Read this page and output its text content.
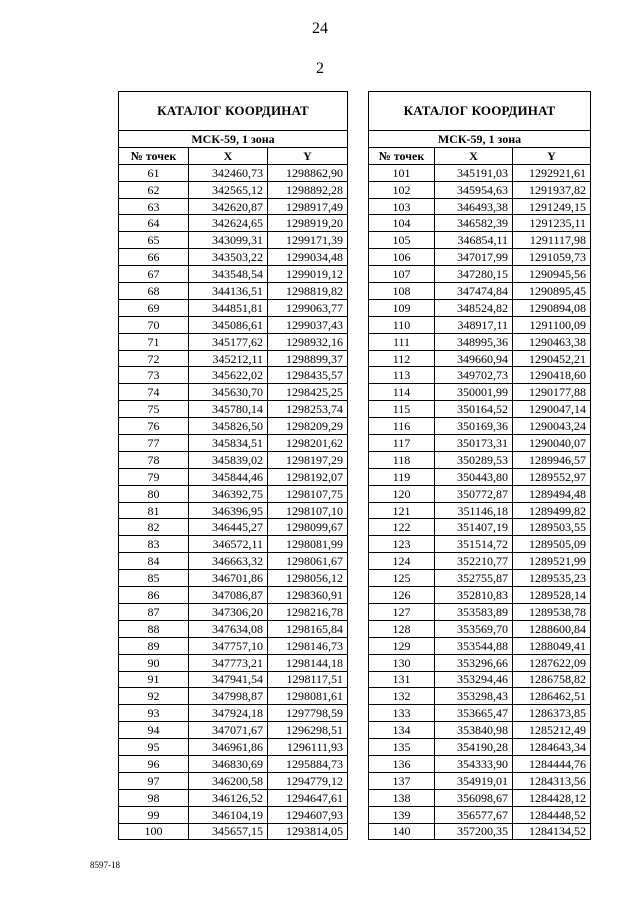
24
2
КАТАЛОГ КООРДИНАТ		
МСК-59, 1 зона		
№ точек	X	Y
61	342460,73	1298862,90
62	342565,12	1298892,28
63	342620,87	1298917,49
64	342624,65	1298919,20
65	343099,31	1299171,39
66	343503,22	1299034,48
67	343548,54	1299019,12
68	344136,51	1298819,82
69	344851,81	1299063,77
70	345086,61	1299037,43
71	345177,62	1298932,16
72	345212,11	1298899,37
73	345622,02	1298435,57
74	345630,70	1298425,25
75	345780,14	1298253,74
76	345826,50	1298209,29
77	345834,51	1298201,62
78	345839,02	1298197,29
79	345844,46	1298192,07
80	346392,75	1298107,75
81	346396,95	1298107,10
82	346445,27	1298099,67
83	346572,11	1298081,99
84	346663,32	1298061,67
85	346701,86	1298056,12
86	347086,87	1298360,91
87	347306,20	1298216,78
88	347634,08	1298165,84
89	347757,10	1298146,73
90	347773,21	1298144,18
91	347941,54	1298117,51
92	347998,87	1298081,61
93	347924,18	1297798,59
94	347071,67	1296298,51
95	346961,86	1296111,93
96	346830,69	1295884,73
97	346200,58	1294779,12
98	346126,52	1294647,61
99	346104,19	1294607,93
100	345657,15	1293814,05
КАТАЛОГ КООРДИНАТ		
МСК-59, 1 зона		
№ точек	X	Y
101	345191,03	1292921,61
102	345954,63	1291937,82
103	346493,38	1291249,15
104	346582,39	1291235,11
105	346854,11	1291117,98
106	347017,99	1291059,73
107	347280,15	1290945,56
108	347474,84	1290895,45
109	348524,82	1290894,08
110	348917,11	1291100,09
111	348995,36	1290463,38
112	349660,94	1290452,21
113	349702,73	1290418,60
114	350001,99	1290177,88
115	350164,52	1290047,14
116	350169,36	1290043,24
117	350173,31	1290040,07
118	350289,53	1289946,57
119	350443,80	1289552,97
120	350772,87	1289494,48
121	351146,18	1289499,82
122	351407,19	1289503,55
123	351514,72	1289505,09
124	352210,77	1289521,99
125	352755,87	1289535,23
126	352810,83	1289528,14
127	353583,89	1289538,78
128	353569,70	1288600,84
129	353544,88	1288049,41
130	353296,66	1287622,09
131	353294,46	1286758,82
132	353298,43	1286462,51
133	353665,47	1286373,85
134	353840,98	1285212,49
135	354190,28	1284643,34
136	354333,90	1284444,76
137	354919,01	1284313,56
138	356098,67	1284428,12
139	356577,67	1284448,52
140	357200,35	1284134,52
8597-18
